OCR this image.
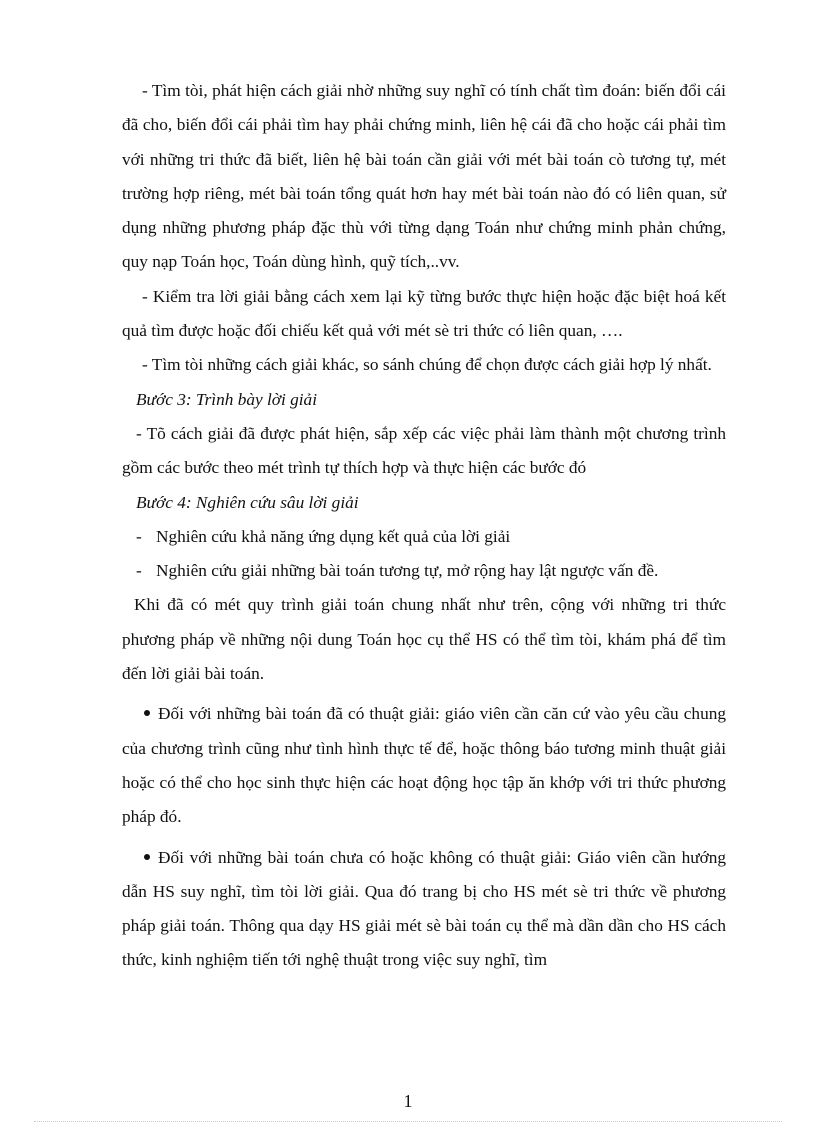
- Tìm tòi, phát hiện cách giải nhờ những suy nghĩ có tính chất tìm đoán: biến đổi cái đã cho, biến đổi cái phải tìm hay phải chứng minh, liên hệ cái đã cho hoặc cái phải tìm với những tri thức đã biết, liên hệ bài toán cần giải với mét bài toán cò tương tự, mét trường hợp riêng, mét bài toán tổng quát hơn hay mét bài toán nào đó có liên quan, sử dụng những phương pháp đặc thù với từng dạng Toán như chứng minh phản chứng, quy nạp Toán học, Toán dùng hình, quỹ tích,..vv.

- Kiểm tra lời giải bằng cách xem lại kỹ từng bước thực hiện hoặc đặc biệt hoá kết quả tìm được hoặc đối chiếu kết quả với mét sè tri thức có liên quan, ….

- Tìm tòi những cách giải khác, so sánh chúng để chọn được cách giải hợp lý nhất.

Bước 3: Trình bày lời giải

- Tõ cách giải đã được phát hiện, sắp xếp các việc phải làm thành một chương trình gồm các bước theo mét trình tự thích hợp và thực hiện các bước đó

Bước 4: Nghiên cứu sâu lời giải

- Nghiên cứu khả năng ứng dụng kết quả của lời giải
- Nghiên cứu giải những bài toán tương tự, mở rộng hay lật ngược vấn đề.

Khi đã có mét quy trình giải toán chung nhất như trên, cộng với những tri thức phương pháp về những nội dung Toán học cụ thể HS có thể tìm tòi, khám phá để tìm đến lời giải bài toán.

Đối với những bài toán đã có thuật giải: giáo viên cần căn cứ vào yêu cầu chung của chương trình cũng như tình hình thực tế để, hoặc thông báo tương minh thuật giải hoặc có thể cho học sinh thực hiện các hoạt động học tập ăn khớp với tri thức phương pháp đó.

Đối với những bài toán chưa có hoặc không có thuật giải: Giáo viên cần hướng dẫn HS suy nghĩ, tìm tòi lời giải. Qua đó trang bị cho HS mét sè tri thức về phương pháp giải toán. Thông qua dạy HS giải mét sè bài toán cụ thể mà dần dần cho HS cách thức, kinh nghiệm tiến tới nghệ thuật trong việc suy nghĩ, tìm

1
